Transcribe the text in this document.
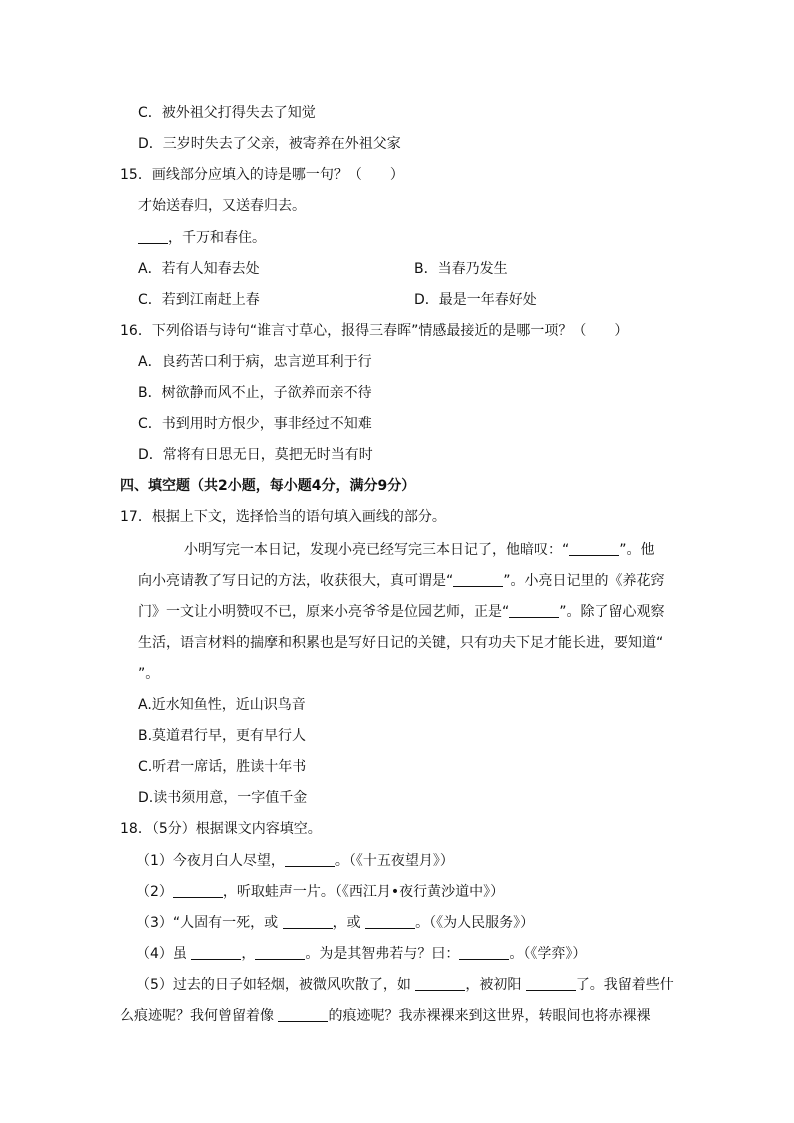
C．被外祖父打得失去了知觉
D．三岁时失去了父亲，被寄养在外祖父家
15．画线部分应填入的诗是哪一句？（　　）
才始送春归，又送春归去。
，千万和春住。
A．若有人知春去处	B．当春乃发生
C．若到江南赶上春	D．最是一年春好处
16．下列俗语与诗句“谁言寸草心，报得三春晖”情感最接近的是哪一项？（　　）
A．良药苦口利于病，忠言逆耳利于行
B．树欲静而风不止，子欲养而亲不待
C．书到用时方恨少，事非经过不知难
D．常将有日思无日，莫把无时当有时
四、填空题（共2小题，每小题4分，满分9分）
17．根据上下文，选择恰当的语句填入画线的部分。
小明写完一本日记，发现小亮已经写完三本日记了，他暗叹：“	”。他
向小亮请教了写日记的方法，收获很大，真可谓是“	”。小亮日记里的《养花窍
门》一文让小明赞叹不已，原来小亮爷爷是位园艺师，正是“	”。除了留心观察
生活，语言材料的揣摩和积累也是写好日记的关键，只有功夫下足才能长进，要知道“
”。
A.近水知鱼性，近山识鸟音
B.莫道君行早，更有早行人
C.听君一席话，胜读十年书
D.读书须用意，一字值千金
18．（5分）根据课文内容填空。
（1）今夜月白人尽望，	。（《十五夜望月》）
（2）	，听取蛙声一片。（《西江月•夜行黄沙道中》）
（3）“人固有一死，或	，或	。（《为人民服务》）
（4）虽	，	。为是其智弗若与？曰：	。（《学弈》）
（5）过去的日子如轻烟，被微风吹散了，如	，被初阳	了。我留着些什
么痕迹呢？我何曾留着像	的痕迹呢？我赤裸裸来到这世界，转眼间也将赤裸裸
